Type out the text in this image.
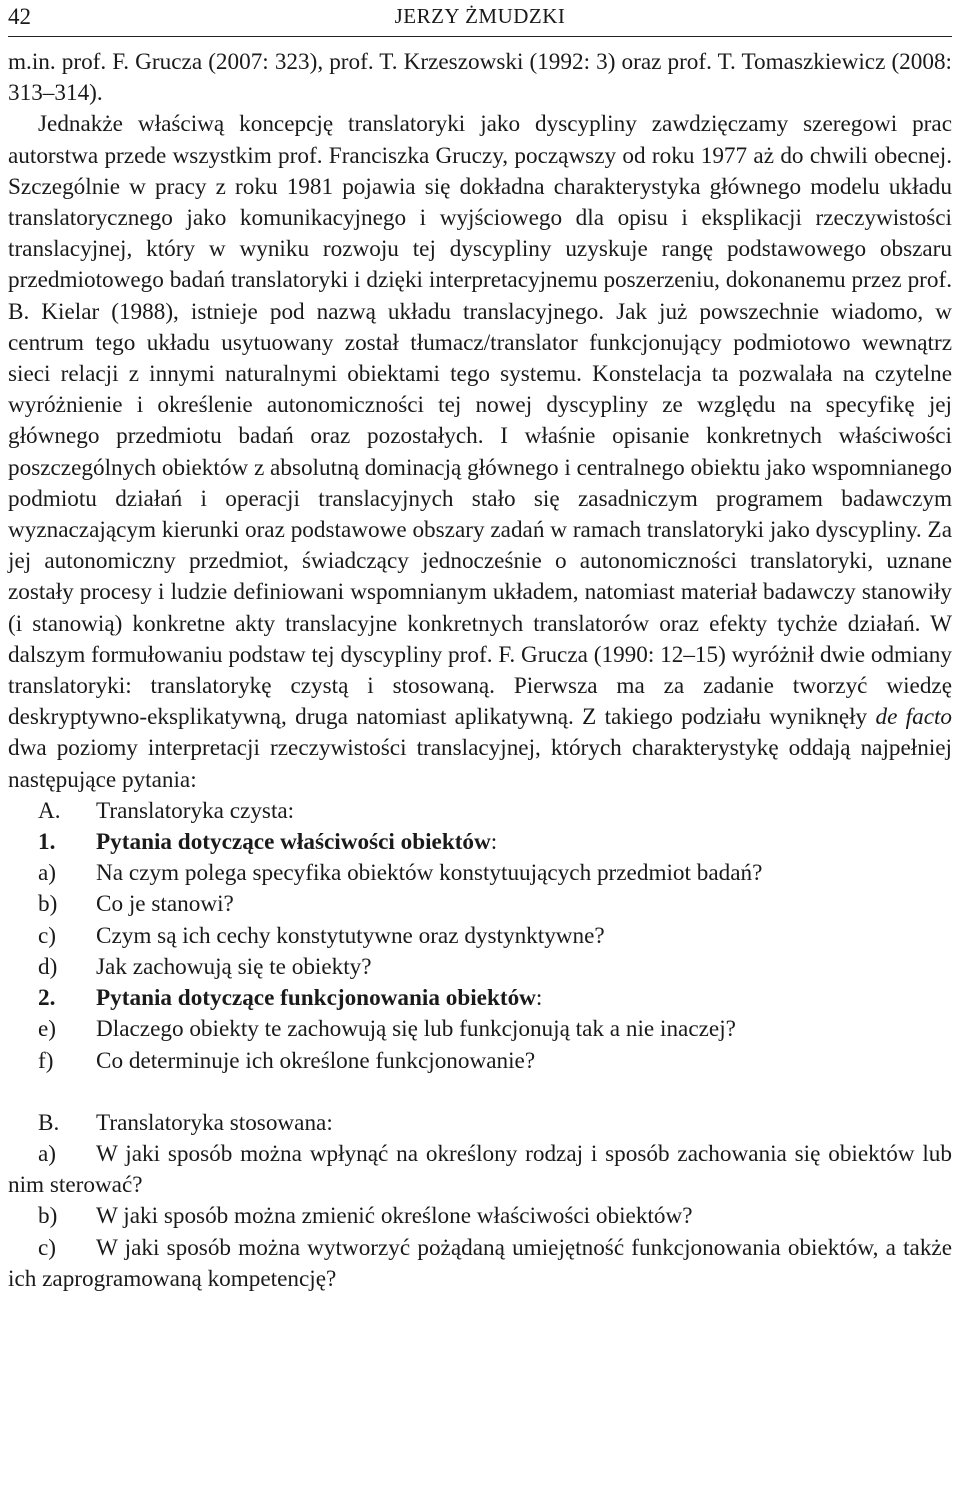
42	JERZY ŻMUDZKI

m.in. prof. F. Grucza (2007: 323), prof. T. Krzeszowski (1992: 3) oraz prof. T. Tomaszkiewicz (2008: 313–314).

Jednakże właściwą koncepcję translatoryki jako dyscypliny zawdzięczamy szeregowi prac autorstwa przede wszystkim prof. Franciszka Gruczy, począwszy od roku 1977 aż do chwili obecnej. Szczególnie w pracy z roku 1981 pojawia się dokładna charakterystyka głównego modelu układu translatorycznego jako komunikacyjnego i wyjściowego dla opisu i eksplikacji rzeczywistości translacyjnej, który w wyniku rozwoju tej dyscypliny uzyskuje rangę podstawowego obszaru przedmiotowego badań translatoryki i dzięki interpretacyjnemu poszerzeniu, dokonanemu przez prof. B. Kielar (1988), istnieje pod nazwą układu translacyjnego. Jak już powszechnie wiadomo, w centrum tego układu usytuowany został tłumacz/translator funkcjonujący podmiotowo wewnątrz sieci relacji z innymi naturalnymi obiektami tego systemu. Konstelacja ta pozwalała na czytelne wyróżnienie i określenie autonomiczności tej nowej dyscypliny ze względu na specyfikę jej głównego przedmiotu badań oraz pozostałych. I właśnie opisanie konkretnych właściwości poszczególnych obiektów z absolutną dominacją głównego i centralnego obiektu jako wspomnianego podmiotu działań i operacji translacyjnych stało się zasadniczym programem badawczym wyznaczającym kierunki oraz podstawowe obszary zadań w ramach translatoryki jako dyscypliny. Za jej autonomiczny przedmiot, świadczący jednocześnie o autonomiczności translatoryki, uznane zostały procesy i ludzie definiowani wspomnianym układem, natomiast materiał badawczy stanowiły (i stanowią) konkretne akty translacyjne konkretnych translatorów oraz efekty tychże działań. W dalszym formułowaniu podstaw tej dyscypliny prof. F. Grucza (1990: 12–15) wyróżnił dwie odmiany translatoryki: translatorykę czystą i stosowaną. Pierwsza ma za zadanie tworzyć wiedzę deskryptywno-eksplikatywną, druga natomiast aplikatywną. Z takiego podziału wyniknęły de facto dwa poziomy interpretacji rzeczywistości translacyjnej, których charakterystykę oddają najpełniej następujące pytania:

A.	Translatoryka czysta:
1.	Pytania dotyczące właściwości obiektów:
a)	Na czym polega specyfika obiektów konstytuujących przedmiot badań?
b)	Co je stanowi?
c)	Czym są ich cechy konstytutywne oraz dystynktywne?
d)	Jak zachowują się te obiekty?
2.	Pytania dotyczące funkcjonowania obiektów:
e)	Dlaczego obiekty te zachowują się lub funkcjonują tak a nie inaczej?
f)	Co determinuje ich określone funkcjonowanie?
B.	Translatoryka stosowana:

a) W jaki sposób można wpłynąć na określony rodzaj i sposób zachowania się obiektów lub nim sterować?

b)	W jaki sposób można zmienić określone właściwości obiektów?

c) W jaki sposób można wytworzyć pożądaną umiejętność funkcjonowania obiektów, a także ich zaprogramowaną kompetencję?
